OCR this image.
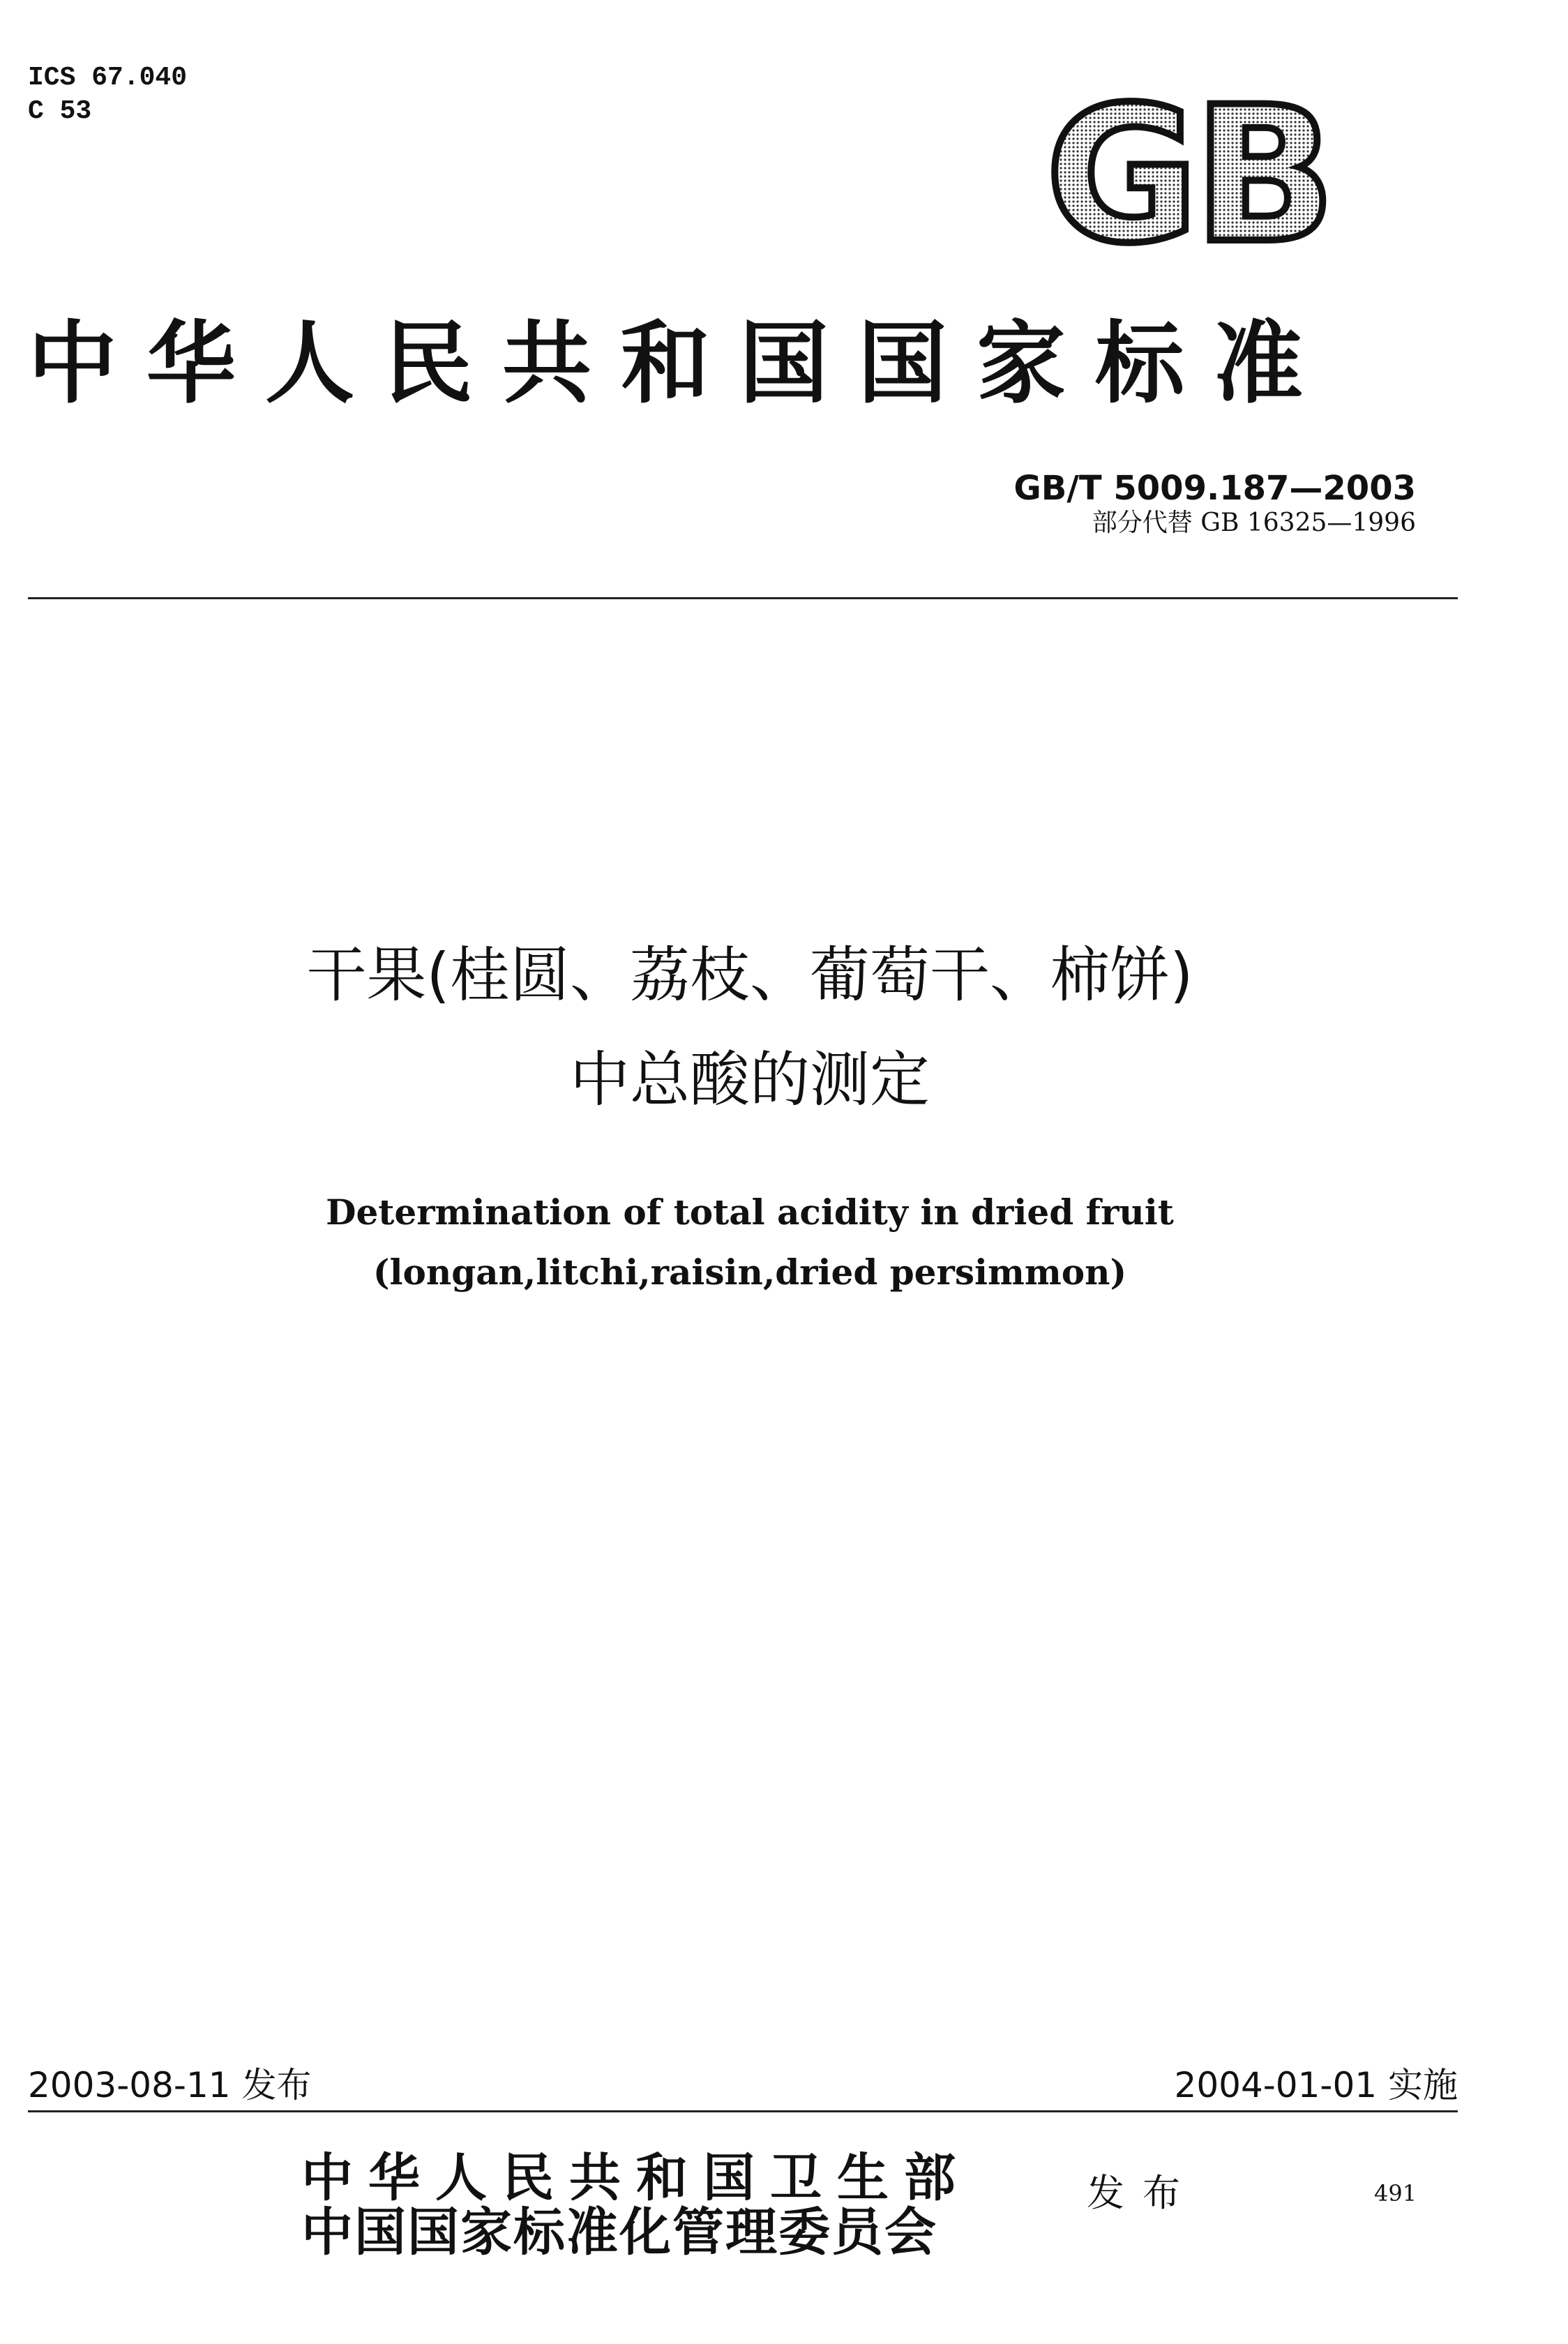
ICS 67.040
C 53	GB
中华人民共和国国家标准
GB/T 5009.187—2003
部分代替 GB 16325—1996
干果(桂圆、荔枝、葡萄干、柿饼)
中总酸的测定
Determination of total acidity in dried fruit
(longan,litchi,raisin,dried persimmon)
2003-08-11 发布	2004-01-01 实施
中华人民共和国卫生部
中国国家标准化管理委员会
发布	491
